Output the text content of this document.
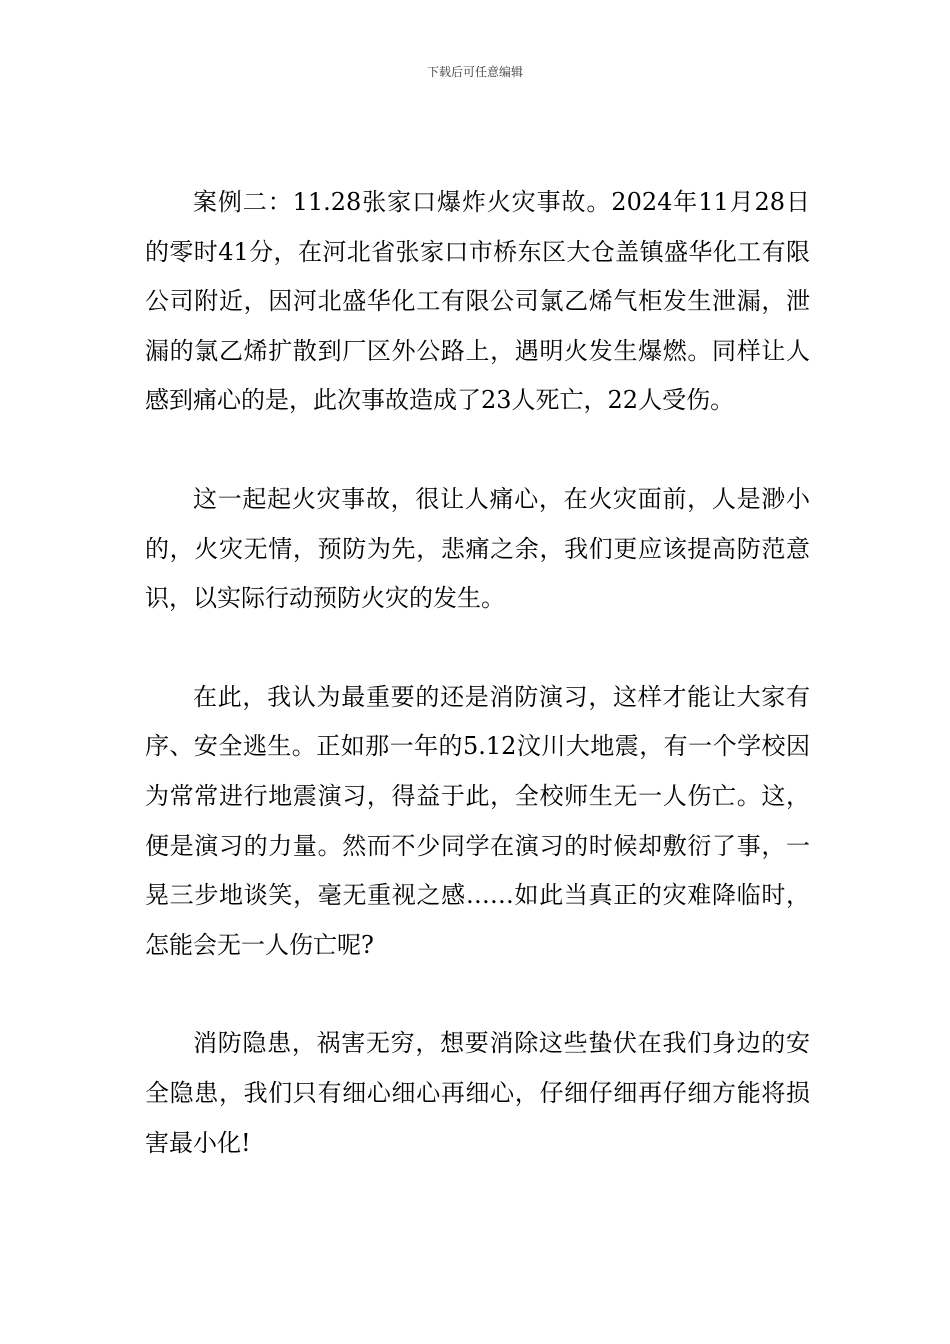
下载后可任意编辑

案例二：11.28张家口爆炸火灾事故。2024年11月28日的零时41分，在河北省张家口市桥东区大仓盖镇盛华化工有限公司附近，因河北盛华化工有限公司氯乙烯气柜发生泄漏，泄漏的氯乙烯扩散到厂区外公路上，遇明火发生爆燃。同样让人感到痛心的是，此次事故造成了23人死亡，22人受伤。

这一起起火灾事故，很让人痛心，在火灾面前，人是渺小的，火灾无情，预防为先，悲痛之余，我们更应该提高防范意识，以实际行动预防火灾的发生。

在此，我认为最重要的还是消防演习，这样才能让大家有序、安全逃生。正如那一年的5.12汶川大地震，有一个学校因为常常进行地震演习，得益于此，全校师生无一人伤亡。这，便是演习的力量。然而不少同学在演习的时候却敷衍了事，一晃三步地谈笑，毫无重视之感……如此当真正的灾难降临时，怎能会无一人伤亡呢?

消防隐患，祸害无穷，想要消除这些蛰伏在我们身边的安全隐患，我们只有细心细心再细心，仔细仔细再仔细方能将损害最小化!
